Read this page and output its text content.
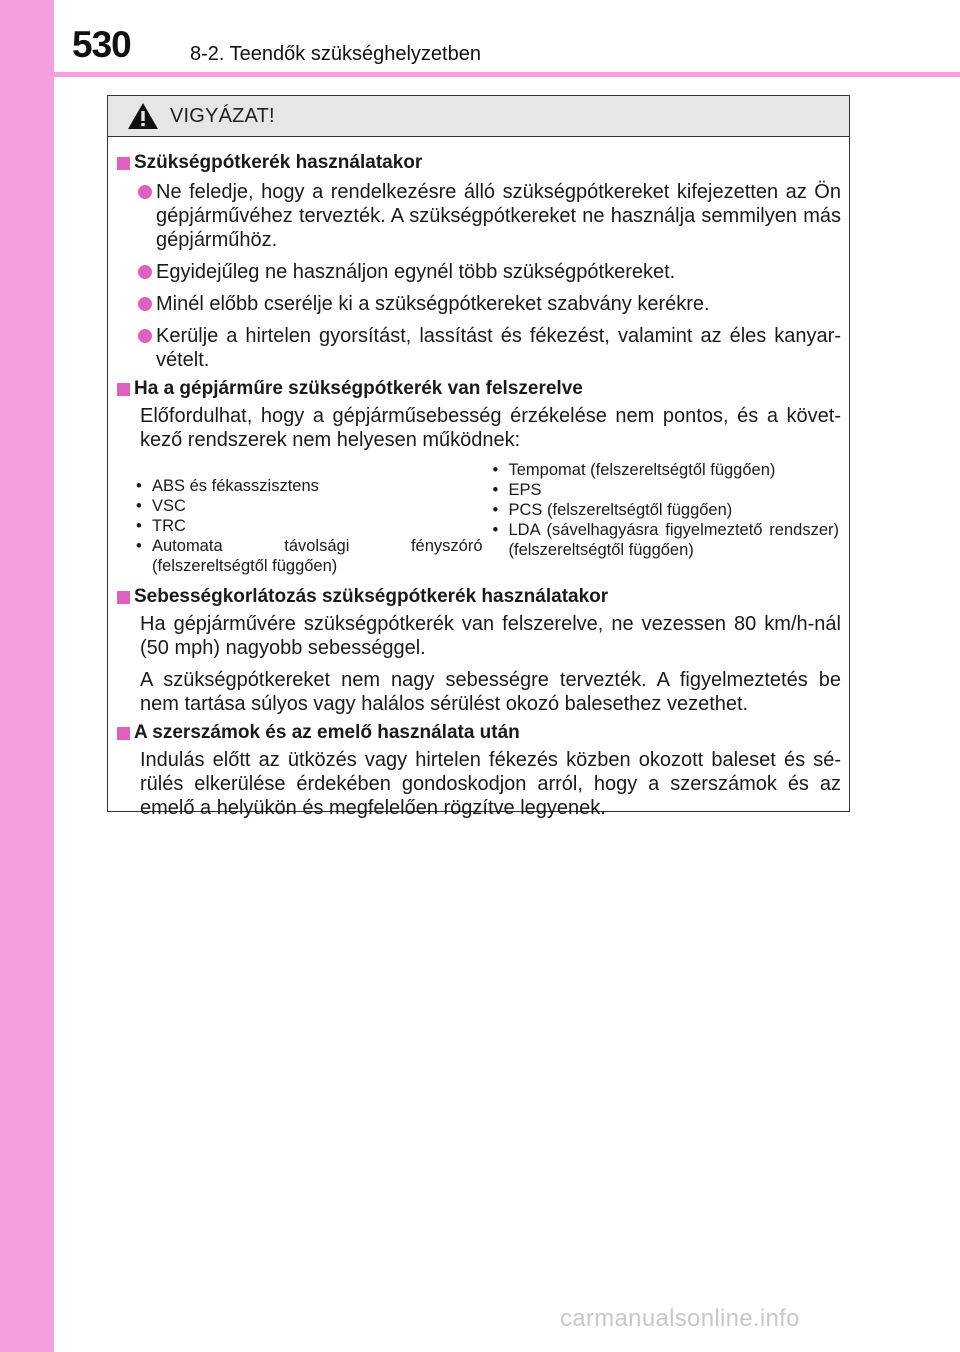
530	8-2. Teendők szükséghelyzetben
VIGYÁZAT!
Szükségpótkerék használatakor
Ne feledje, hogy a rendelkezésre álló szükségpótkereket kifejezetten az Ön gépjárművéhez tervezték. A szükségpótkereket ne használja semmilyen más gépjárműhöz.
Egyidejűleg ne használjon egynél több szükségpótkereket.
Minél előbb cserélje ki a szükségpótkereket szabvány kerékre.
Kerülje a hirtelen gyorsítást, lassítást és fékezést, valamint az éles kanyar-vételt.
Ha a gépjárműre szükségpótkerék van felszerelve
Előfordulhat, hogy a gépjárműsebesség érzékelése nem pontos, és a követ-kező rendszerek nem helyesen működnek:
• ABS és fékasszisztens
• VSC
• TRC
• Automata távolsági fényszóró (felszereltségtől függően)
• Tempomat (felszereltségtől függően)
• EPS
• PCS (felszereltségtől függően)
• LDA (sávelhagyásra figyelmeztető rendszer) (felszereltségtől függően)
Sebességkorlátozás szükségpótkerék használatakor
Ha gépjárművére szükségpótkerék van felszerelve, ne vezessen 80 km/h-nál (50 mph) nagyobb sebességgel.
A szükségpótkereket nem nagy sebességre tervezték. A figyelmeztetés be nem tartása súlyos vagy halálos sérülést okozó balesethez vezethet.
A szerszámok és az emelő használata után
Indulás előtt az ütközés vagy hirtelen fékezés közben okozott baleset és sé-rülés elkerülése érdekében gondoskodjon arról, hogy a szerszámok és az emelő a helyükön és megfelelően rögzítve legyenek.
carmanualsonline.info
